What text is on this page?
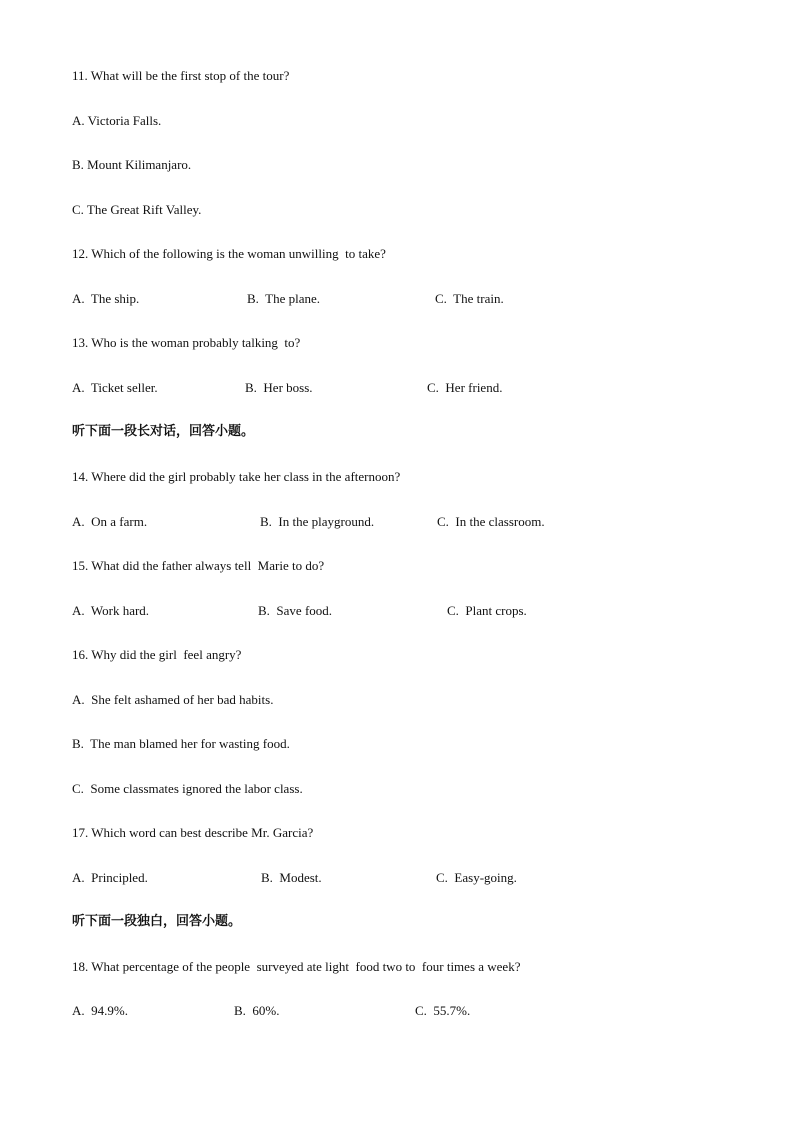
11. What will be the first stop of the tour?
A. Victoria Falls.
B. Mount Kilimanjaro.
C. The Great Rift Valley.
12. Which of the following is the woman unwilling  to take?
A.  The ship.	B.  The plane.	C.  The train.
13. Who is the woman probably talking  to?
A.  Ticket seller.	B.  Her boss.	C.  Her friend.
听下面一段长对话，回答小题。
14. Where did the girl probably take her class in the afternoon?
A.  On a farm.	B.  In the playground.	C.  In the classroom.
15. What did the father always tell  Marie to do?
A.  Work hard.	B.  Save food.	C.  Plant crops.
16. Why did the girl  feel angry?
A.  She felt ashamed of her bad habits.
B.  The man blamed her for wasting food.
C.  Some classmates ignored the labor class.
17. Which word can best describe Mr. Garcia?
A.  Principled.	B.  Modest.	C.  Easy-going.
听下面一段独白，回答小题。
18. What percentage of the people  surveyed ate light  food two to  four times a week?
A.  94.9%.	B.  60%.	C.  55.7%.
